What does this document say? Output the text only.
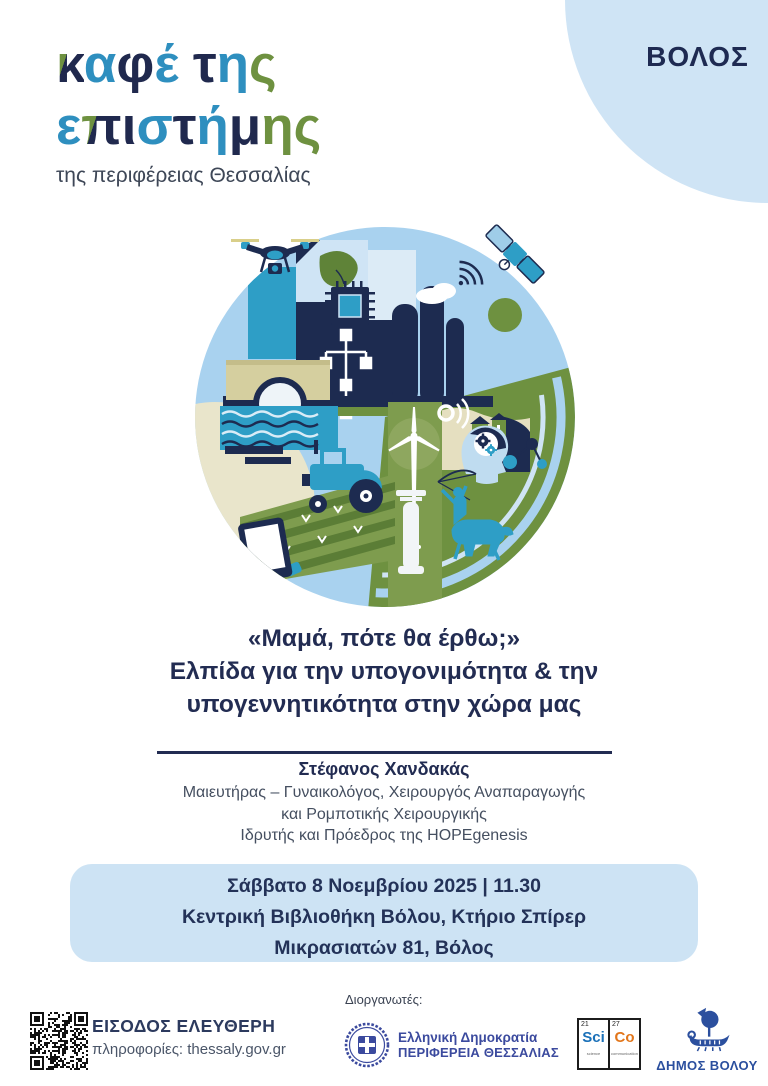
ΒΟΛΟΣ
καφέ της
επιστήμης
της περιφέρειας Θεσσαλίας
«Μαμά, πότε θα έρθω;»
Ελπίδα για την υπογονιμότητα & την
υπογεννητικότητα στην χώρα μας
Στέφανος Χανδακάς
Μαιευτήρας – Γυναικολόγος, Χειρουργός Αναπαραγωγής
και Ρομποτικής Χειρουργικής
Ιδρυτής και Πρόεδρος της HOPEgenesis
Σάββατο 8 Νοεμβρίου 2025 | 11.30
Κεντρική Βιβλιοθήκη Βόλου, Κτήριο Σπίρερ
Μικρασιατών 81, Βόλος
ΕΙΣΟΔΟΣ ΕΛΕΥΘΕΡΗ
πληροφορίες: thessaly.gov.gr
Διοργανωτές:
Ελληνική Δημοκρατία
ΠΕΡΙΦΕΡΕΙΑ ΘΕΣΣΑΛΙΑΣ
21
Sci
science
27
Co
communication
ΔΗΜΟΣ ΒΟΛΟΥ
